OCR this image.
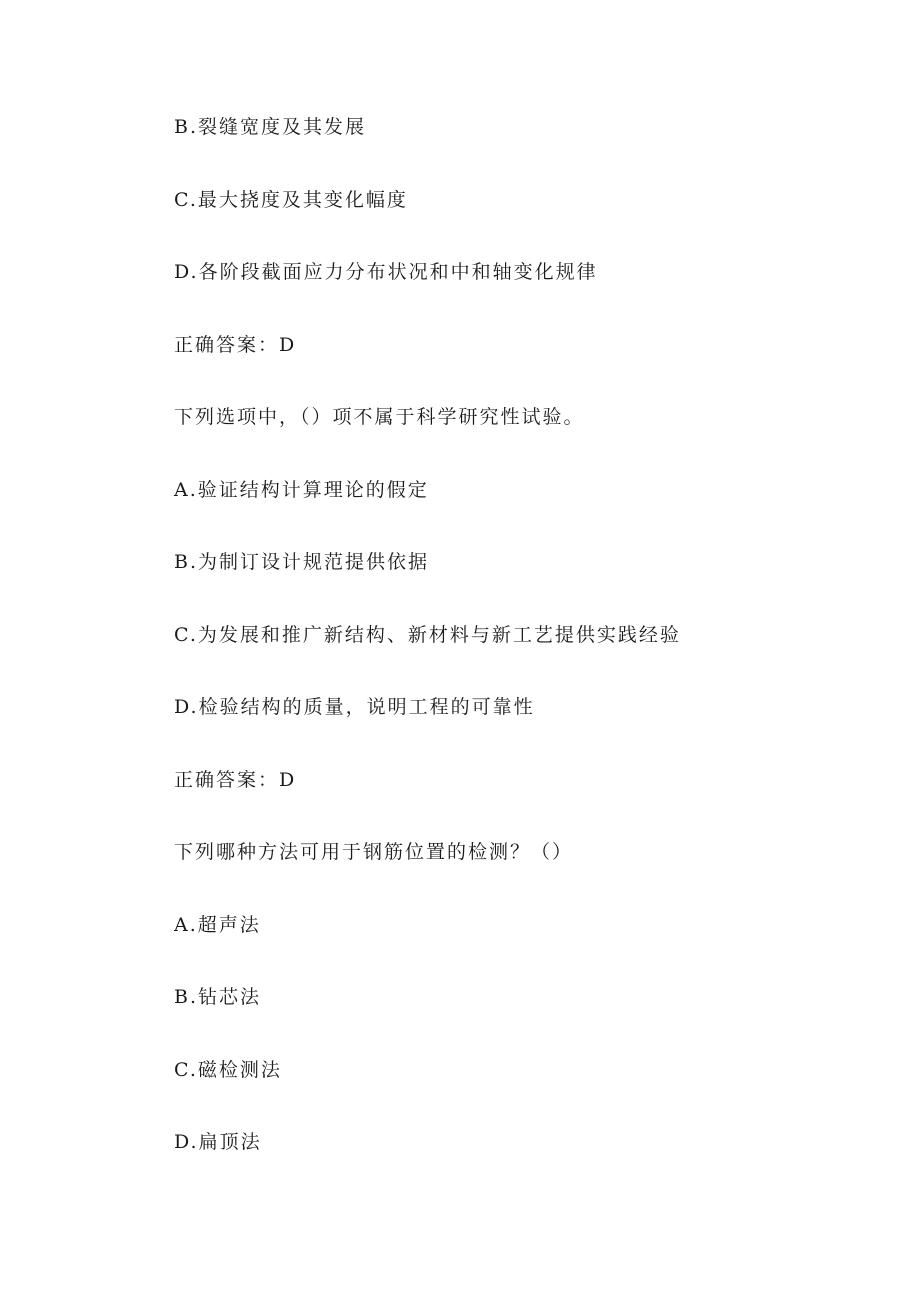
B.裂缝宽度及其发展
C.最大挠度及其变化幅度
D.各阶段截面应力分布状况和中和轴变化规律
正确答案：D
下列选项中，（）项不属于科学研究性试验。
A.验证结构计算理论的假定
B.为制订设计规范提供依据
C.为发展和推广新结构、新材料与新工艺提供实践经验
D.检验结构的质量，说明工程的可靠性
正确答案：D
下列哪种方法可用于钢筋位置的检测？（）
A.超声法
B.钻芯法
C.磁检测法
D.扁顶法
